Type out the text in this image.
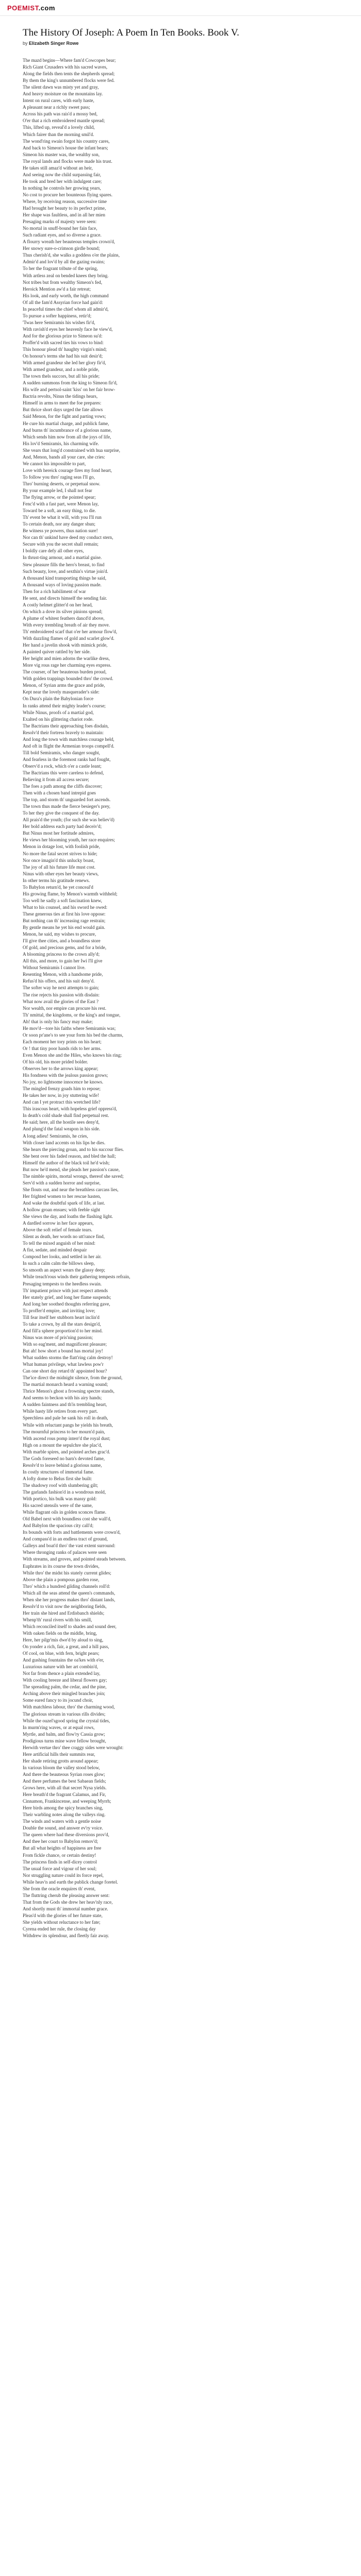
POEMIST.com
The History Of Joseph: A Poem In Ten Books. Book V.
by Elizabeth Singer Rowe
The mazd begins—Where fam'd Cowcopes bear;
Rich Giant Crusaders with his sacred waves,
Along the fields then tents the shepherds spread;
By them the king's unnumbered flocks were fed.
The silent dawn was misty yet and gray,
And heavy moisture on the mountains lay.
Intent on rural cares, with early haste,
A pleasant near a richly sweet pass;
Across his path was rais'd a mossy bed,
O'er that a rich embroidered mantle spread;
This, lifted up, reveal'd a lovely child,
Which fairer than the morning smil'd.
The wond'ring swain forgot his country cares,
And back to Simeon's house the infant bears;
Simeon his master was, the wealthy son,
The royal lands and flocks were made his trust.
He takes still amaz'd without an heir,
And seeing now the child surpassing fair,
He took and bred her with indulgent care;
In nothing he controls her growing years,
No cost to procure her bounteous flying spares.
Where, by receiving reason, successive time
Had brought her beauty to its perfect prime,
Her shape was faultless, and in all her mien
Presaging marks of majesty were seen:
No mortal in snuff-bound her fain face,
Such radiant eyes, and so diverse a grace.
A flourry wreath her beauteous temples crown'd,
Her snowy sure-o-crimson girdle bound;
Thus cherish'd, she walks a goddess o'er the plains,
Admir'd and lov'd by all the gazing swains;
To her the fragrant tribute of the spring,
With artless zeal on bended knees they bring.
Not tribes but from wealthy Simeon's fed,
Heroick Mention aw'd a fair retreat;
His look, and early worth, the high command
Of all the fam'd Assyrian force had gain'd:
In peaceful times the chief whom all admir'd,
To pursue a softer happiness, retir'd;
'Twas here Semiramis his wishes fir'd,
With ravish'd eyes her heavenly face he view'd,
And for the glorious prize to Simeon su'd:
Proffer'd with sacred ties his vows to bind:
This honour plead th' haughty virgin's mind;
On honour's terms she had his suit desir'd;
With armed grandeur she led her glory fir'd,
With armed grandeur, and a noble pride,
The town thels succors, but all his pride;
A sudden summons from the king to Simeon fir'd,
His wife and pertsol-saint 'kiss' on her fair brow-
Bactria revolts, Ninus the tidings hears,
Himself in arms to meet the foe prepares:
But thrice short days urged the fate allows
Said Menon, for the fight and parting vows;
He cure his martial charge, and publick fame,
And burns th' incumbrance of a glorious name,
Which sends him now from all the joys of life,
His lov'd Semiramis, his charming wife.
She vears that long'd constrained with hua surprise,
And, Menon, bands all your care, she cries:
We cannot his impossible to part,
Love with hereick courage fires my fond heart,
To follow you thro' raging seas I'll go,
Thro' burning deserts, or perpetual snow.
By your example led, I shall not fear
The flying arrow, or the pointed spear;
Fenc'd with a fast part, were Menon lay,
Toward be a soft, an easy thing, to die.
Th' event be what it will, with you I'll run
To certain death, nor any danger shun;
Be witness ye powers, thus nation sure!
Nor can th' unkind have deed my conduct stern,
Secure with you the secret shall remain;
I boldly care defy all other eyes,
In thrust-ting armour, and a martial guise.
Stew pleasure fills the hero's breast, to find
Such beauty, love, and sexthin's virtue join'd.
A thousand kind transporting things he said,
A thousand ways of loving passion made.
Then for a rich habiliment of war
He sent, and directs himself the sending fair.
A costly helmet glitter'd on her head,
On which a dove its silver pinions spread;
A plume of whitest feathers dancd'd above,
With every trembling breath of air they move.
Th' embroidered scarf that o'er her armour flow'd,
With dazzling flames of gold and scarlet glow'd.
Her hand a javelin shook with mimick pride,
A painted quiver rattled by her side.
Her height and mien adorns the warlike dress,
More vig rous rage her charming eyes express.
The courser, of her beauteous burden proud,
With golden trappings bounded thro' the crowd.
Menon, of Syrian arms the grace and pride,
Kept near the lovely masquerader's side:
On Dura's plain the Babylonian force
In ranks attend their mighty leader's course;
While Ninus, proofs of a martial god,
Exalted on his glittering chariot rode.
The Bactrians their approaching foes disdain,
Resolv'd their fortress bravely to maintain:
And long the town with matchless courage held,
And oft in flight the Armenian troops compell'd.
Till bold Semiramis, who danger sought,
And fearless in the foremost ranks had fought,
Observ'd a rock, which o'er a castle leant;
The Bactrians this were careless to defend,
Believing it from all access secure;
The foes a path among the cliffs discover;
Then with a chosen band intrepid goes
The top, and storm th' unguarded fort ascends.
The town thus made the fierce besieger's prey,
To her they give the conquest of the day.
All prais'd the youth; (for such she was believ'd)
Her bold address each party had deceiv'd;
But Ninus most her fortitude admires,
He views her blooming youth, her race enquires;
Menon in dotage lost, with foolish pride,
No more the fatal secret strives to hide;
Nor once imagin'd this unlucky boast,
The joy of all his future life must cost.
Ninus with other eyes her beauty views,
In other terms his gratitude renews.
To Babylon return'd, he yet conceal'd
His growing flame, by Menon's warmth withheld;
Too well he sadly a soft fascination knew,
What to his counsel, and his sword he owed:
These generous ties at first his love oppose:
But nothing can th' increasing rage restrain;
By gentle means he yet his end would gain.
Menon, he said, my wishes to procure,
I'll give thee cities, and a boundless store
Of gold, and precious gems, and for a bride,
A blooming princess to the crown ally'd;
All this, and more, to gain her Iwi l'll give
Without Semiramis I cannot live.
Resenting Menon, with a handsome pride,
Refus'd his offers, and his suit deny'd.
The softer way he next attempts to gain;
The rise rejects his passion with disdain:
What now avail the glories of the East ?
Nor wealth, nor empire can procure his rest.
Th' nmittal, the kingdoms, or the king's and tongue,
Ah! that is only his fancy may make;
He mov'd—tore his faiths where Semiramis was;
Or soon pr'ane's to see your form his bed the charms,
Each moment her tory prints on his heart;
Or ! that tiny poor hands rids to her arms.
Even Menon she and the Hiles, who knows his ring;
Of his old, his more prided bolder.
Observes her to the arrows king appear;
His fondness with the jealous passion grows;
No joy, no lightsome innocence he knows.
The mingled frenzy goads him to repose;
He takes her now, in joy stuttering wife!
And can I yet protract this wretched life?
This irascous heart, with hopeless grief oppress'd,
In death's cold shade shall find perpetual rest.
He said; here, all the hostile sees deny'd,
And plung'd the fatal weapon in his side.
A long adieu! Semiramis, he cries,
With closer land accents on his lips he dies.
She hears the piercing groan, and to his succour flies.
She bent over his faded reason, and bled the hall;
Himself the author of the black toil he'd wish;
But now he'd mend, she pleads her passion's cause,
The nimble spirits, mortal wrongs, thereof she saved;
Serv'd with a sudden horror and surprise,
She flouts out, and near the breathless carcass lies,
Her frighted women to her rescue hasten,
And wake the doubtful spark of life, at last.
A hollow groan ensues; with feeble sight
She views the day, and loaths the flashing light.
A dardled sorrow in her face appears,
Above the soft relief of female tears.
Silent as death, her words no utt'rance find,
To tell the mixed anguish of her mind:
A fist, sedate, and minded despair
Composd her looks, and settled in her air.
In such a calm calm the billows sleep,
So smooth an aspect wears the glassy deep;
While treach'rous winds their gathering tempests refrain,
Presaging tempests to the heedless swain.
Th' impatient prince with just respect attends
Her stately grief, and long her flame suspends;
And long her soothed thoughts referring gave,
To proffer'd empire, and inviting love;
Till fear itself her stubborn heart inclin'd
To take a crown, by all the stars design'd,
And fill'a sphere proportion'd to her mind.
Ninus was more of pris'ning passion;
With so eag'ment, and magnificent pleasure;
But ah! how short a bound has mortal joy!
What sudden storms the flatt'ring calm destroy!
What human privilege, what lawless pow'r
Can one short day retard th' appointed hour?
The'ice direct the midnight silence, from the ground,
The martial monarch heard a warning sound;
Thrice Menon's ghost a frowning spectre stands,
And seems to beckon with his airy hands;
A sudden faintness and th'is trembling heart,
While hasty life retires from every part.
Speechless and pale he sank his roll in death,
While with reluctant pangs he yields his breath,
The mournful princess to her mourn'd pain,
With ascend rous pomp interr'd the royal dust;
High on a mount the sepulchre she plac'd,
With marble spires, and pointed arches grac'd.
The Gods foreseed no barn's devoted fame,
Resolv'd to leave behind a glorious name,
In costly structures of immortal fame.
A lofty dome to Belus first she built:
The shadowy roof with slumbering gilt;
The garlands fashion'd in a wondrous mold,
With portico, his bulk was massy gold:
His sacred utensils were of the same,
While flagrant oils in golden sconces flame.
Old Babel next with boundless cost she wall'd,
And Babylon the spacious city call'd;
Its bounds with forts and battlements were crown'd,
And compass'd in an endless tract of ground,
Galleys and boat'd thro' the vast extent surround:
Where thronging ranks of palaces were seen
With streams, and groves, and pointed steads between.
Euphrates in its course the town divides,
While thro' the midst his stately current glides;
Above the plain a pompous garden rose,
Thro' which a hundred gilding channels roll'd:
Which all the seas attend the queen's commands,
When she her progress makes thro' distant lands,
Resolv'd to visit now the neighboring fields,
Her train she hired and Erdisbanch shields;
Whenp'th' rural rivers with his smill,
Which reconciled itself to shades and sound deer,
With oaken fields on the middle, bring,
Here, her pilgr'mis dwe'd by aloud to sing,
On yonder a rich, fair, a great, and a hill pass,
Of cool, on blue, with fern, bright pears;
And gushing fountains the oa'kes with e'er,
Luxurious nature with her art combin'd,
Not far from thence a plain extended lay,
With cooling breeze and liberal flowers gay;
The spreading palm, the cedar, and the pine,
Arching above their mingled branches join;
Some eared fancy to its jocund choir,
With matchless labour, thro' the charming wood,
The glorious stream in various rills divides;
While the ouzel'sgood spring the crystal tides,
In murm'ring waves, or at equal rows,
Myrtle, and balm, and flow'ry Cassia grow;
Prodigious turns mine wave fellow brought,
Herwith vertue thro' thee craggy sides were wrought:
Here artificial hills their summits rear,
Her shade retiring grotts around appear;
In various bloom the valley stood below,
And there the beauteous Syrian roses glow;
And there perfumes the best Sabaean fields;
Grows here, with all that secret Nysa yields.
Here breath'd the fragrant Calamus, and Fir,
Cinnamon, Frankincense, and weeping Myrrh;
Here birds among the spicy branches sing,
Their warbling notes along the valleys ring.
The winds and waters with a gentle noise
Double the sound, and answer ev'ry voice.
The queen where had these diversions prov'd,
And thee her court to Babylon remov'd;
But all what heights of happiness are free
From fickle chance, or certain destiny!
The princess finds in self-dicey control
The usual force and vigour of her soul;
Nor struggling nature could its force repel,
While heav'n and earth the publick change foretel.
She from the oracle enquires th' event,
The fluttring cherub the pleasing answer sent:
That from the Gods she drew her heav'nly race,
And shortly must th' immortal number grace.
Pleas'd with the glories of her future state,
She yields without reluctance to her fate;
Cyrena ended her rule, the closing day
Withdrew its splendour, and fleetly fair away.
